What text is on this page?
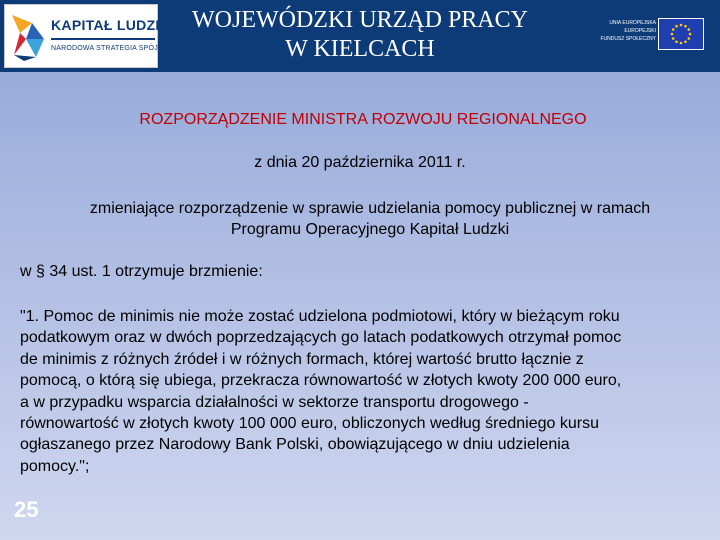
KAPITAŁ LUDZKI
NARODOWA STRATEGIA SPÓJNOŚCI
WOJEWÓDZKI URZĄD PRACY
W KIELCACH
UNIA EUROPEJSKA
EUROPEJSKI
FUNDUSZ SPOŁECZNY
ROZPORZĄDZENIE MINISTRA ROZWOJU REGIONALNEGO
z dnia 20 października 2011 r.
zmieniające rozporządzenie w sprawie udzielania pomocy publicznej w ramach
Programu Operacyjnego Kapitał Ludzki
w § 34 ust. 1 otrzymuje brzmienie:
"1. Pomoc de minimis nie może zostać udzielona podmiotowi, który w bieżącym roku
podatkowym oraz w dwóch poprzedzających go latach podatkowych otrzymał pomoc
de minimis z różnych źródeł i w różnych formach, której wartość brutto łącznie z
pomocą, o którą się ubiega, przekracza równowartość w złotych kwoty 200 000 euro,
a w przypadku wsparcia działalności w sektorze transportu drogowego -
równowartość w złotych kwoty 100 000 euro, obliczonych według średniego kursu
ogłaszanego przez Narodowy Bank Polski, obowiązującego w dniu udzielenia
pomocy.";
25
